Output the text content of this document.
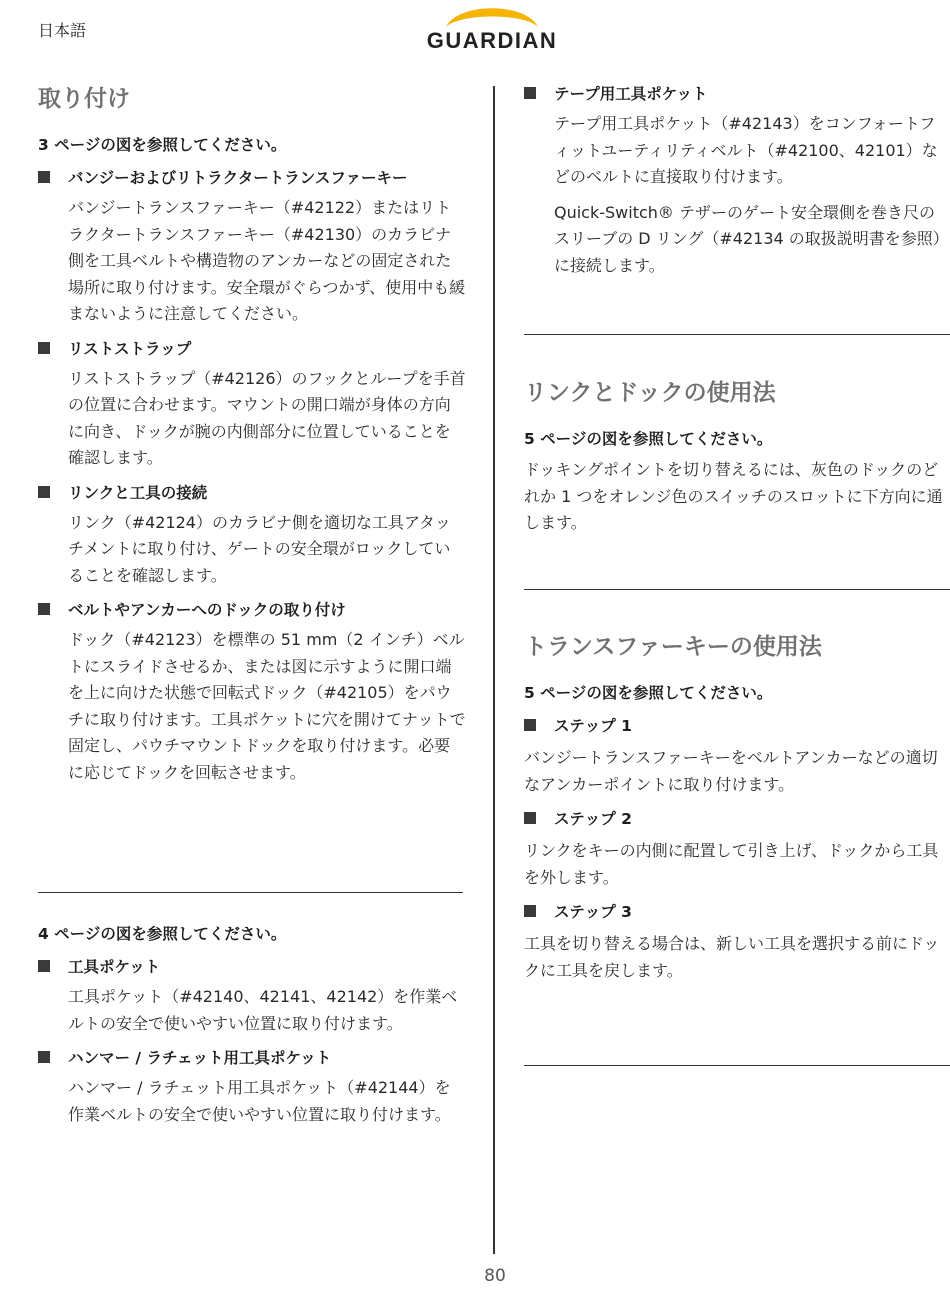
日本語	GUARDIAN
取り付け
3 ページの図を参照してください。
バンジーおよびリトラクタートランスファーキー
バンジートランスファーキー（#42122）またはリトラクタートランスファーキー（#42130）のカラビナ側を工具ベルトや構造物のアンカーなどの固定された場所に取り付けます。安全環がぐらつかず、使用中も緩まないように注意してください。
リストストラップ
リストストラップ（#42126）のフックとループを手首の位置に合わせます。マウントの開口端が身体の方向に向き、ドックが腕の内側部分に位置していることを確認します。
リンクと工具の接続
リンク（#42124）のカラビナ側を適切な工具アタッチメントに取り付け、ゲートの安全環がロックしていることを確認します。
ベルトやアンカーへのドックの取り付け
ドック（#42123）を標準の 51 mm（2 インチ）ベルトにスライドさせるか、または図に示すように開口端を上に向けた状態で回転式ドック（#42105）をパウチに取り付けます。工具ポケットに穴を開けてナットで固定し、パウチマウントドックを取り付けます。必要に応じてドックを回転させます。
4 ページの図を参照してください。
工具ポケット
工具ポケット（#42140、42141、42142）を作業ベルトの安全で使いやすい位置に取り付けます。
ハンマー / ラチェット用工具ポケット
ハンマー / ラチェット用工具ポケット（#42144）を作業ベルトの安全で使いやすい位置に取り付けます。
テープ用工具ポケット
テープ用工具ポケット（#42143）をコンフォートフィットユーティリティベルト（#42100、42101）などのベルトに直接取り付けます。
Quick-Switch® テザーのゲート安全環側を巻き尺のスリーブの D リング（#42134 の取扱説明書を参照）に接続します。
リンクとドックの使用法
5 ページの図を参照してください。
ドッキングポイントを切り替えるには、灰色のドックのどれか 1 つをオレンジ色のスイッチのスロットに下方向に通します。
トランスファーキーの使用法
5 ページの図を参照してください。
ステップ 1
バンジートランスファーキーをベルトアンカーなどの適切なアンカーポイントに取り付けます。
ステップ 2
リンクをキーの内側に配置して引き上げ、ドックから工具を外します。
ステップ 3
工具を切り替える場合は、新しい工具を選択する前にドックに工具を戻します。
80
